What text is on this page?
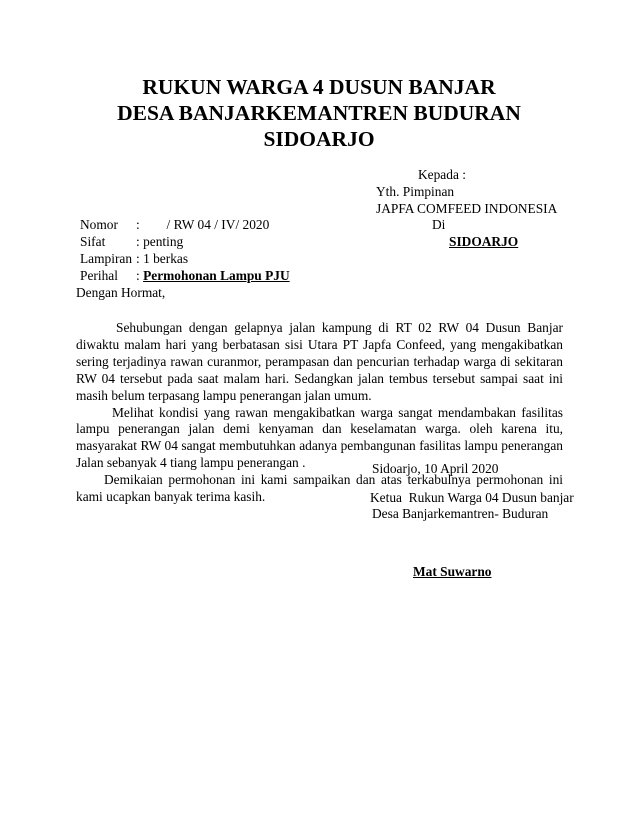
RUKUN WARGA 4 DUSUN BANJAR
DESA BANJARKEMANTREN BUDURAN
SIDOARJO
Kepada :
Yth. Pimpinan
JAPFA COMFEED INDONESIA
Di
SIDOARJO
Nomor :        / RW 04 / IV/ 2020
Sifat : penting
Lampiran : 1 berkas
Perihal : Permohonan Lampu PJU
Dengan Hormat,

Sehubungan dengan gelapnya jalan kampung di RT 02 RW 04 Dusun Banjar diwaktu malam hari yang berbatasan sisi Utara PT Japfa Confeed, yang mengakibatkan sering terjadinya rawan curanmor, perampasan dan pencurian terhadap warga di sekitaran RW 04 tersebut pada saat malam hari. Sedangkan jalan tembus tersebut sampai saat ini masih belum terpasang lampu penerangan jalan umum.

Melihat kondisi yang rawan mengakibatkan warga sangat mendambakan fasilitas lampu penerangan jalan demi kenyaman dan keselamatan warga. oleh karena itu, masyarakat RW 04 sangat membutuhkan adanya pembangunan fasilitas lampu penerangan Jalan sebanyak 4 tiang lampu penerangan .

Demikaian permohonan ini kami sampaikan dan atas terkabulnya permohonan ini kami ucapkan banyak terima kasih.

Sidoarjo, 10 April 2020
Ketua  Rukun Warga 04 Dusun banjar
Desa Banjarkemantren- Buduran
Mat Suwarno
